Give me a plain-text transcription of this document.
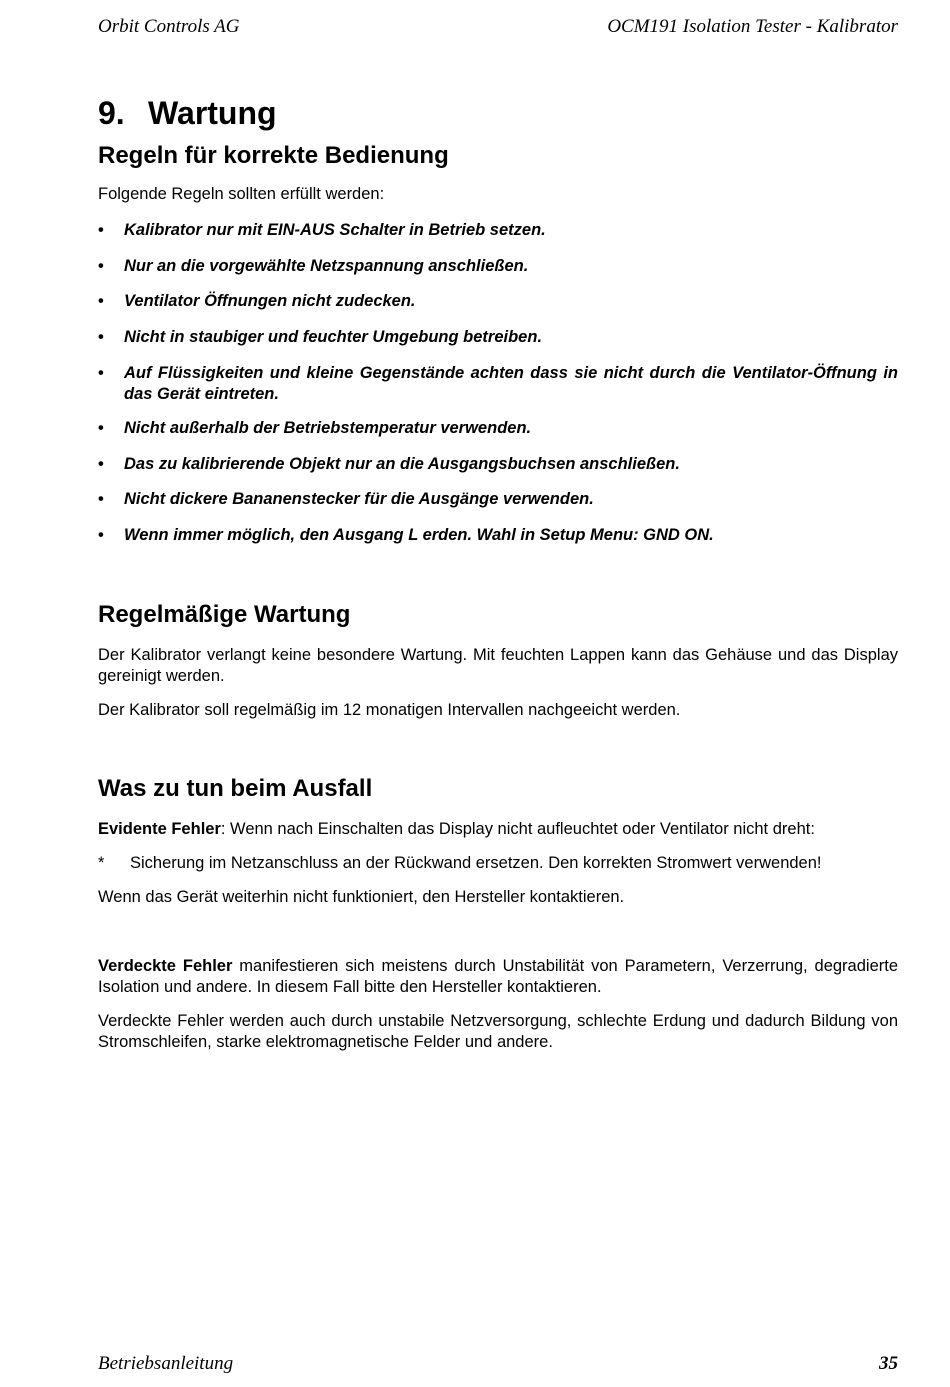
Orbit Controls AG	OCM191 Isolation Tester - Kalibrator
9. Wartung
Regeln für korrekte Bedienung

Folgende Regeln sollten erfüllt werden:

• Kalibrator nur mit EIN-AUS Schalter in Betrieb setzen.
• Nur an die vorgewählte Netzspannung anschließen.
• Ventilator Öffnungen nicht zudecken.
• Nicht in staubiger und feuchter Umgebung betreiben.
• Auf Flüssigkeiten und kleine Gegenstände achten dass sie nicht durch die Ventilator-Öffnung in das Gerät eintreten.
• Nicht außerhalb der Betriebstemperatur verwenden.
• Das zu kalibrierende Objekt nur an die Ausgangsbuchsen anschließen.
• Nicht dickere Bananenstecker für die Ausgänge verwenden.
• Wenn immer möglich, den Ausgang L erden. Wahl in Setup Menu: GND ON.
Regelmäßige Wartung

Der Kalibrator verlangt keine besondere Wartung. Mit feuchten Lappen kann das Gehäuse und das Display gereinigt werden.

Der Kalibrator soll regelmäßig im 12 monatigen Intervallen nachgeeicht werden.

Was zu tun beim Ausfall

Evidente Fehler: Wenn nach Einschalten das Display nicht aufleuchtet oder Ventilator nicht dreht:

* Sicherung im Netzanschluss an der Rückwand ersetzen. Den korrekten Stromwert verwenden!

Wenn das Gerät weiterhin nicht funktioniert, den Hersteller kontaktieren.

Verdeckte Fehler manifestieren sich meistens durch Unstabilität von Parametern, Verzerrung, degradierte Isolation und andere. In diesem Fall bitte den Hersteller kontaktieren.

Verdeckte Fehler werden auch durch unstabile Netzversorgung, schlechte Erdung und dadurch Bildung von Stromschleifen, starke elektromagnetische Felder und andere.

Betriebsanleitung	35
